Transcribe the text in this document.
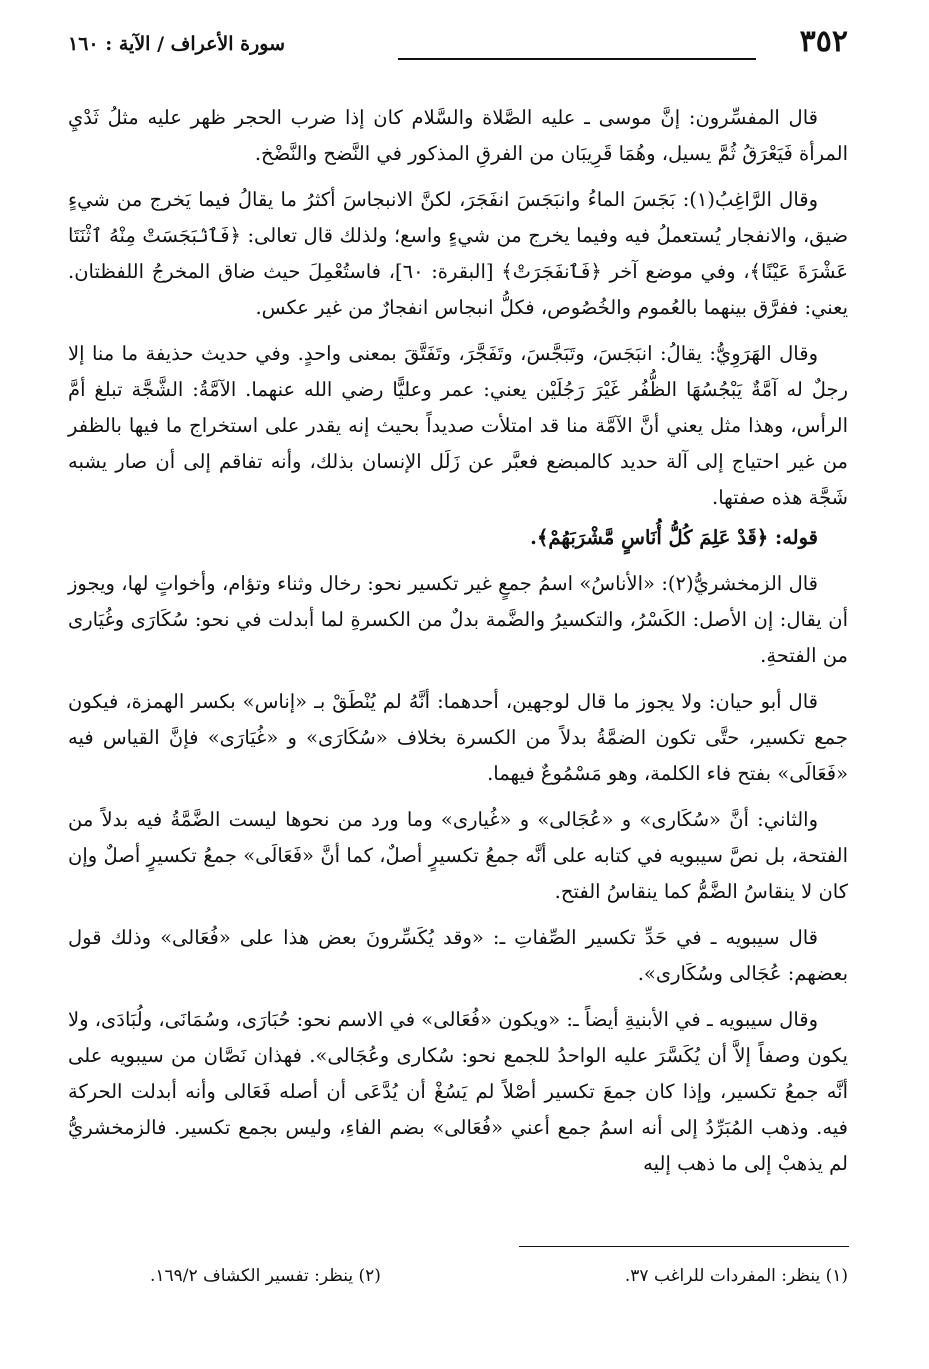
٣٥٢
سورة الأعراف / الآية : ١٦٠

قال المفسِّرون: إنَّ موسى ـ عليه الصَّلاة والسَّلام كان إذا ضرب الحجر ظهر عليه مثلُ ثَدْيِ المرأة فَيَعْرَقُ ثُمَّ يسيل، وهُمَا قَرِيبَان من الفرقِ المذكور في النَّضح والنَّضْخ.

وقال الرَّاغِبُ(١): بَجَسَ الماءُ وانبَجَسَ انفَجَرَ، لكنَّ الانبجاسَ أكثرُ ما يقالُ فيما يَخرج من شيءٍ ضيق، والانفجار يُستعملُ فيه وفيما يخرج من شيءٍ واسع؛ ولذلك قال تعالى: ﴿فَٱنۢبَجَسَتْ مِنْهُ ٱثْنَتَا عَشْرَةَ عَيْنًا﴾، وفي موضع آخر ﴿فَٱنفَجَرَتْ﴾ [البقرة: ٦٠]، فاستُعْمِلَ حيث ضاق المخرجُ اللفظتان. يعني: ففرَّق بينهما بالعُموم والخُصُوص، فكلُّ انبجاس انفجارٌ من غير عكس.

وقال الهَرَوِيُّ: يقالُ: انبَجَسَ، وتَبَجَّسَ، وتَفَجَّرَ، وتَفَتَّقَ بمعنى واحدٍ. وفي حديث حذيفة ما منا إلا رجلٌ له آمَّةٌ يَبْجُسُهَا الظُّفُر غَيْرَ رَجُلَيْن يعني: عمر وعليًّا رضي الله عنهما. الآمَّةُ: الشَّجَّة تبلغ أمَّ الرأس، وهذا مثل يعني أنَّ الآمَّة منا قد امتلأت صديداً بحيث إنه يقدر على استخراج ما فيها بالظفر من غير احتياج إلى آلة حديد كالمبضع فعبَّر عن زَلَل الإنسان بذلك، وأنه تفاقم إلى أن صار يشبه شَجَّة هذه صفتها.

قوله: ﴿قَدْ عَلِمَ كُلُّ أُنَاسٍ مَّشْرَبَهُمْ﴾.

قال الزمخشريُّ(٢): «الأناسُ» اسمُ جمعٍ غير تكسير نحو: رخال وثناء وتؤام، وأخواتٍ لها، ويجوز أن يقال: إن الأصل: الكَسْرُ، والتكسيرُ والضَّمة بدلٌ من الكسرةِ لما أبدلت في نحو: سُكَارَى وغُيَارى من الفتحةِ.

قال أبو حيان: ولا يجوز ما قال لوجهين، أحدهما: أنَّهُ لم يُنْطَقْ بـ «إناس» بكسر الهمزة، فيكون جمع تكسير، حتَّى تكون الضمَّةُ بدلاً من الكسرة بخلاف «سُكَارَى» و «غُيَارَى» فإنَّ القياس فيه «فَعَالَى» بفتح فاء الكلمة، وهو مَسْمُوعٌ فيهما.

والثاني: أنَّ «سُكَارى» و «عُجَالى» و «غُيارى» وما ورد من نحوها ليست الضَّمَّةُ فيه بدلاً من الفتحة، بل نصَّ سيبويه في كتابه على أنَّه جمعُ تكسيرٍ أصلٌ، كما أنَّ «فَعَالَى» جمعُ تكسيرٍ أصلٌ وإن كان لا ينقاسُ الضَّمُّ كما ينقاسُ الفتح.

قال سيبويه ـ في حَدِّ تكسير الصِّفاتِ ـ: «وقد يُكَسِّرونَ بعض هذا على «فُعَالى» وذلك قول بعضهم: عُجَالى وسُكَارى».

وقال سيبويه ـ في الأبنيةِ أيضاً ـ: «ويكون «فُعَالى» في الاسم نحو: حُبَارَى، وسُمَانَى، ولُبَادَى، ولا يكون وصفاً إلاَّ أن يُكَسَّرَ عليه الواحدُ للجمع نحو: سُكارى وعُجَالى». فهذان نَصَّان من سيبويه على أنَّه جمعُ تكسير، وإذا كان جمعَ تكسير أصْلاً لم يَسُغْ أن يُدَّعَى أن أصله فَعَالى وأنه أبدلت الحركة فيه. وذهب المُبَرِّدُ إلى أنه اسمُ جمع أعني «فُعَالى» بضم الفاءِ، وليس بجمع تكسير. فالزمخشريُّ لم يذهبْ إلى ما ذهب إليه

(١) ينظر: المفردات للراغب ٣٧.
(٢) ينظر: تفسير الكشاف ١٦٩/٢.
